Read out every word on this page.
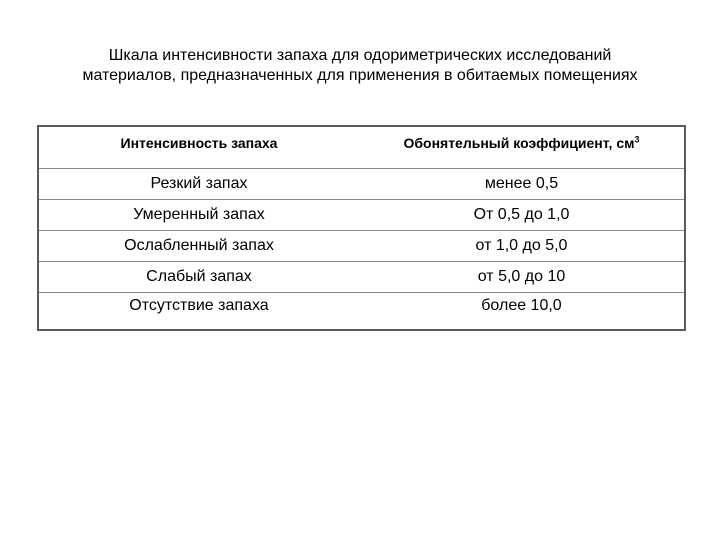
Шкала интенсивности запаха для одориметрических исследований
материалов, предназначенных для применения в обитаемых помещениях
Интенсивность запаха	Обонятельный коэффициент, $см^3$
Резкий запах	менее 0,5
Умеренный запах	От 0,5 до 1,0
Ослабленный запах	от 1,0 до 5,0
Слабый запах	от 5,0 до 10
Отсутствие запаха	более 10,0
